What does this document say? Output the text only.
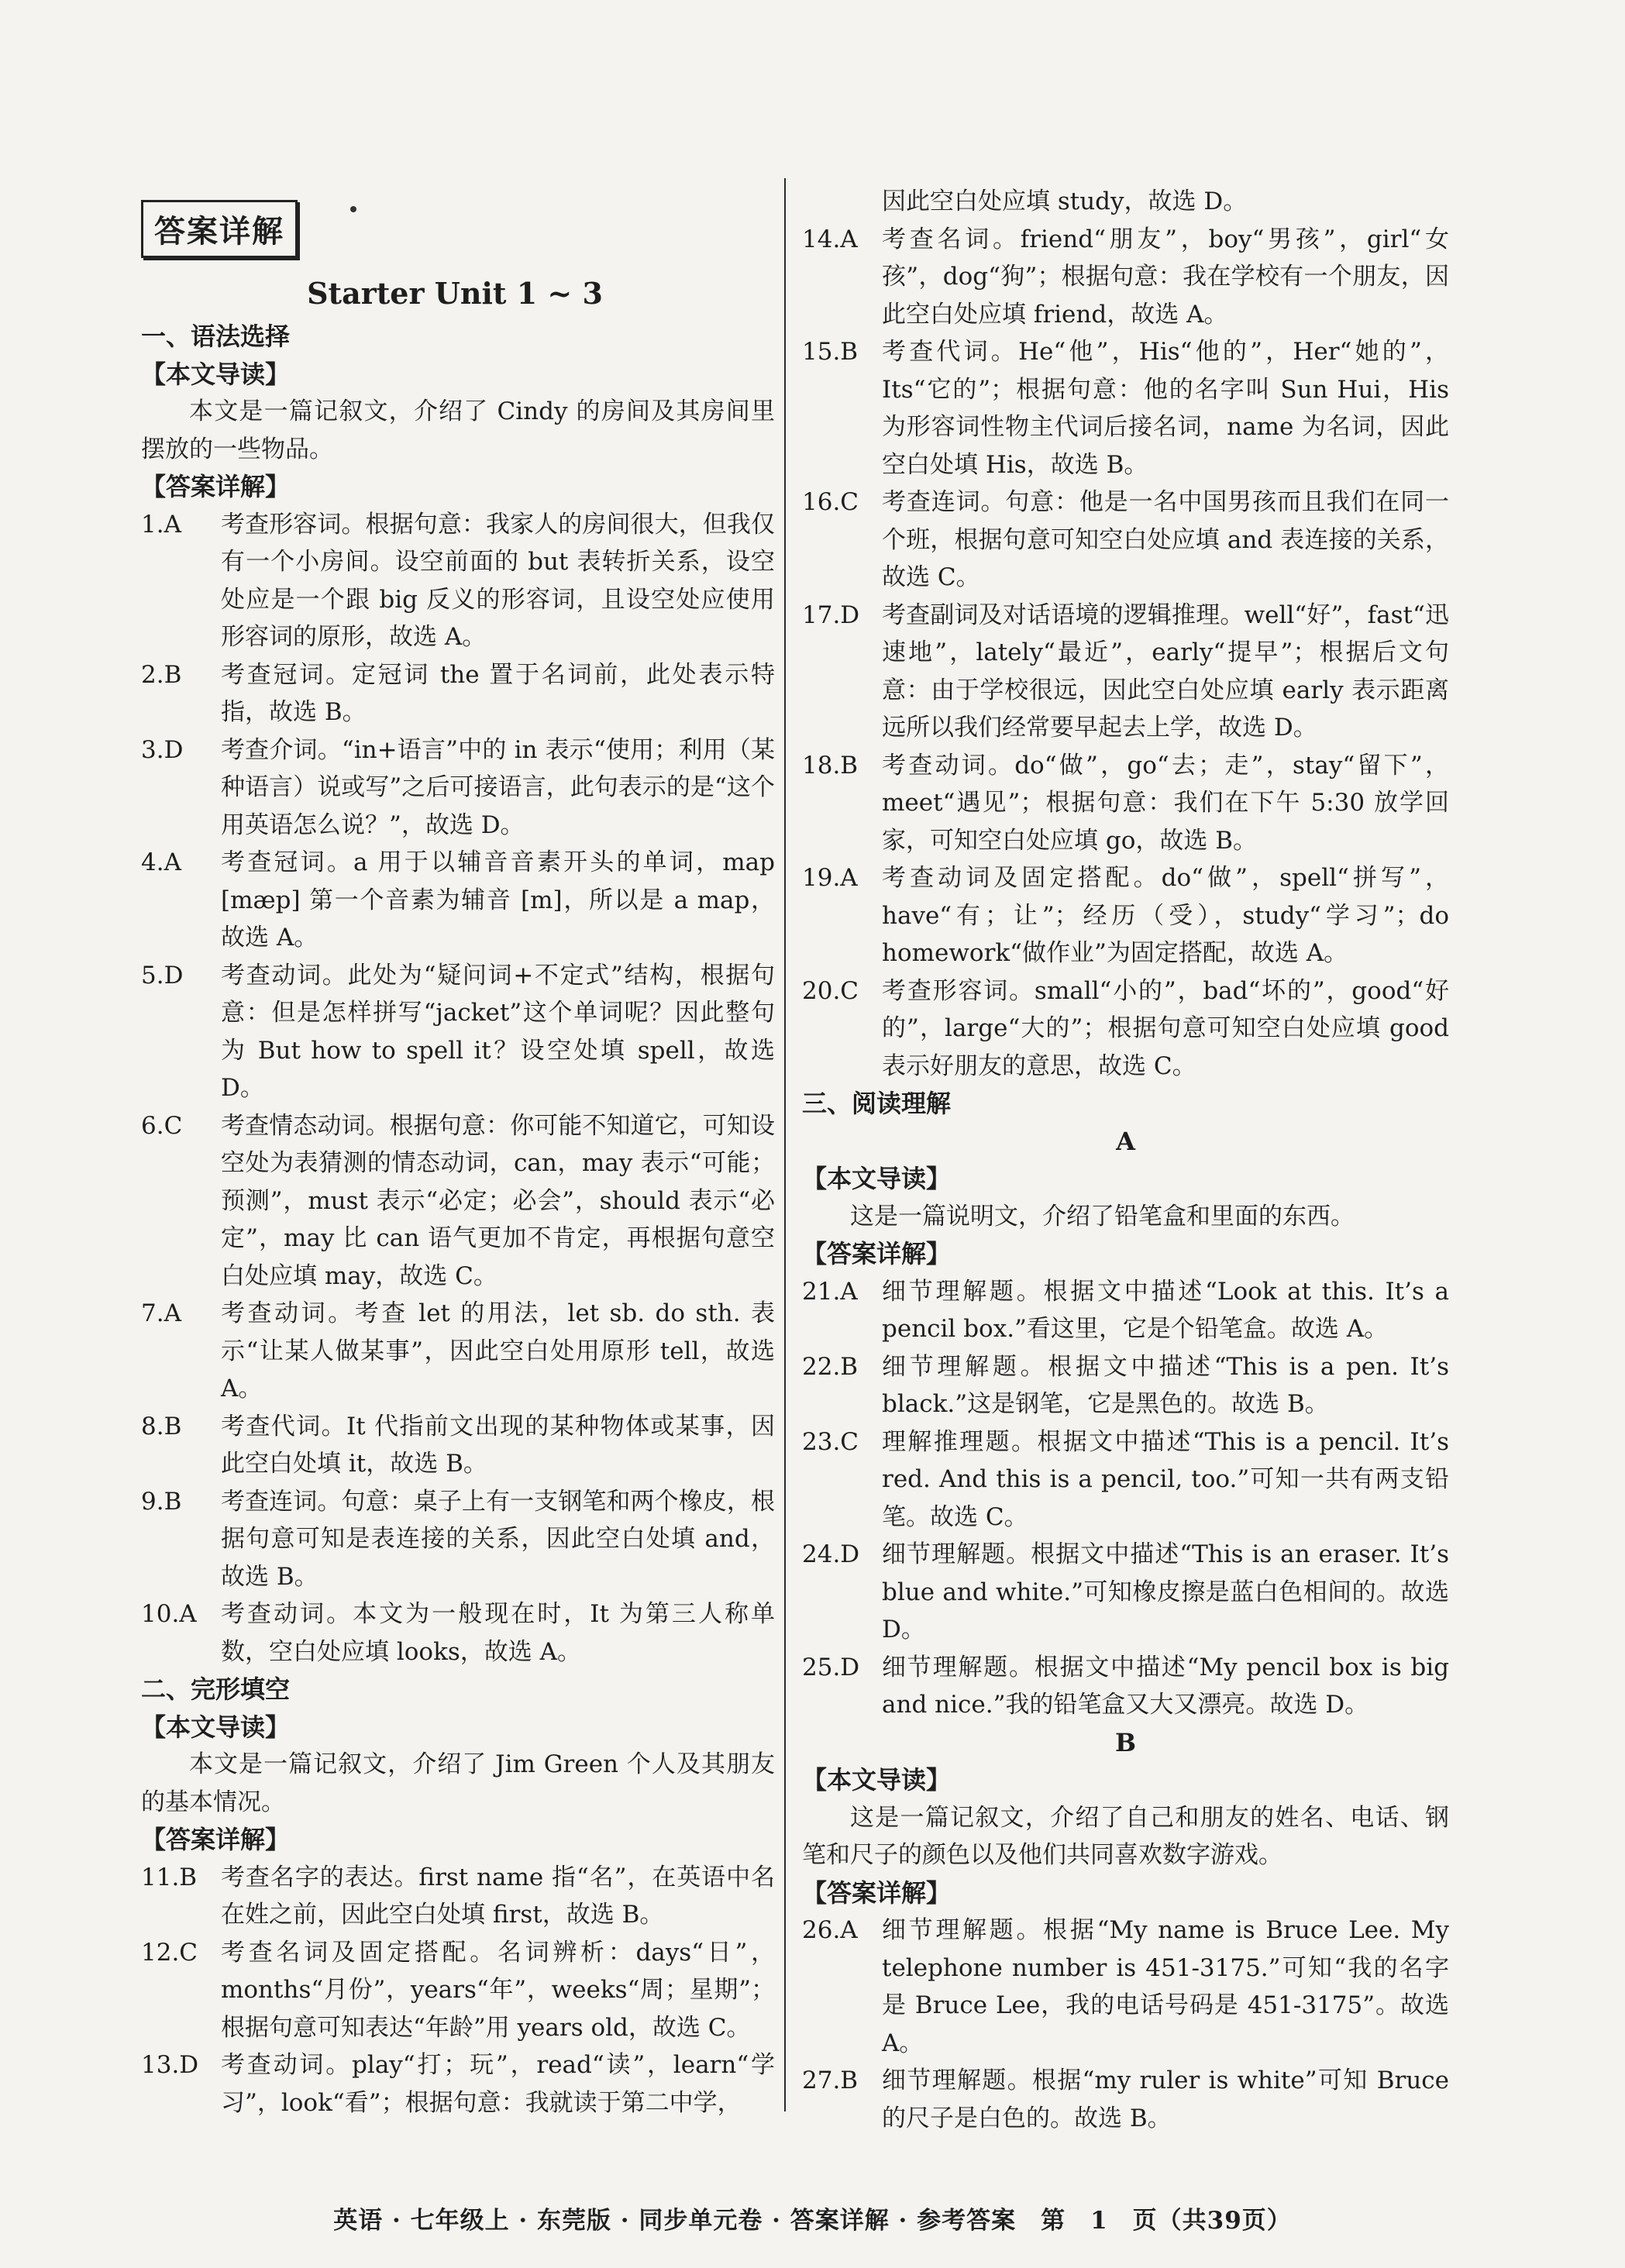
答案详解
Starter Unit 1 ~ 3
一、语法选择
【本文导读】
本文是一篇记叙文，介绍了 Cindy 的房间及其房间里摆放的一些物品。
【答案详解】
1.A	考查形容词。根据句意：我家人的房间很大，但我仅有一个小房间。设空前面的 but 表转折关系，设空处应是一个跟 big 反义的形容词，且设空处应使用形容词的原形，故选 A。
2.B	考查冠词。定冠词 the 置于名词前，此处表示特指，故选 B。
3.D	考查介词。“in+语言”中的 in 表示“使用；利用（某种语言）说或写”之后可接语言，此句表示的是“这个用英语怎么说？”，故选 D。
4.A	考查冠词。a 用于以辅音音素开头的单词，map [mæp] 第一个音素为辅音 [m]，所以是 a map，故选 A。
5.D	考查动词。此处为“疑问词+不定式”结构，根据句意：但是怎样拼写“jacket”这个单词呢？因此整句为 But how to spell it？设空处填 spell，故选 D。
6.C	考查情态动词。根据句意：你可能不知道它，可知设空处为表猜测的情态动词，can，may 表示“可能；预测”，must 表示“必定；必会”，should 表示“必定”，may 比 can 语气更加不肯定，再根据句意空白处应填 may，故选 C。
7.A	考查动词。考查 let 的用法，let sb. do sth. 表示“让某人做某事”，因此空白处用原形 tell，故选 A。
8.B	考查代词。It 代指前文出现的某种物体或某事，因此空白处填 it，故选 B。
9.B	考查连词。句意：桌子上有一支钢笔和两个橡皮，根据句意可知是表连接的关系，因此空白处填 and，故选 B。
10.A	考查动词。本文为一般现在时，It 为第三人称单数，空白处应填 looks，故选 A。
二、完形填空
【本文导读】
本文是一篇记叙文，介绍了 Jim Green 个人及其朋友的基本情况。
【答案详解】
11.B 考查名字的表达。first name 指“名”，在英语中名在姓之前，因此空白处填 first，故选 B。
12.C 考查名词及固定搭配。名词辨析：days“日”，months“月份”，years“年”，weeks“周；星期”；根据句意可知表达“年龄”用 years old，故选 C。
13.D 考查动词。play“打；玩”，read“读”，learn“学习”，look“看”；根据句意：我就读于第二中学，
因此空白处应填 study，故选 D。
14.A	考查名词。friend“朋友”，boy“男孩”，girl“女孩”，dog“狗”；根据句意：我在学校有一个朋友，因此空白处应填 friend，故选 A。
15.B 考查代词。He“他”，His“他的”，Her“她的”，Its“它的”；根据句意：他的名字叫 Sun Hui，His 为形容词性物主代词后接名词，name 为名词，因此空白处填 His，故选 B。
16.C 考查连词。句意：他是一名中国男孩而且我们在同一个班，根据句意可知空白处应填 and 表连接的关系，故选 C。
17.D 考查副词及对话语境的逻辑推理。well“好”，fast“迅速地”，lately“最近”，early“提早”；根据后文句意：由于学校很远，因此空白处应填 early 表示距离远所以我们经常要早起去上学，故选 D。
18.B 考查动词。do“做”，go“去；走”，stay“留下”，meet“遇见”；根据句意：我们在下午 5:30 放学回家，可知空白处应填 go，故选 B。
19.A	考查动词及固定搭配。do“做”，spell“拼写”，have“有；让”；经历（受），study“学习”；do homework“做作业”为固定搭配，故选 A。
20.C 考查形容词。small“小的”，bad“坏的”，good“好的”，large“大的”；根据句意可知空白处应填 good 表示好朋友的意思，故选 C。
三、阅读理解
A
【本文导读】
这是一篇说明文，介绍了铅笔盒和里面的东西。
【答案详解】
21.A	细节理解题。根据文中描述“Look at this. It’s a pencil box.”看这里，它是个铅笔盒。故选 A。
22.B 细节理解题。根据文中描述“This is a pen. It’s black.”这是钢笔，它是黑色的。故选 B。
23.C 理解推理题。根据文中描述“This is a pencil. It’s red. And this is a pencil, too.”可知一共有两支铅笔。故选 C。
24.D 细节理解题。根据文中描述“This is an eraser. It’s blue and white.”可知橡皮擦是蓝白色相间的。故选 D。
25.D 细节理解题。根据文中描述“My pencil box is big and nice.”我的铅笔盒又大又漂亮。故选 D。
B
【本文导读】
这是一篇记叙文，介绍了自己和朋友的姓名、电话、钢笔和尺子的颜色以及他们共同喜欢数字游戏。
【答案详解】
26.A	细节理解题。根据“My name is Bruce Lee. My telephone number is 451-3175.”可知“我的名字是 Bruce Lee，我的电话号码是 451-3175”。故选 A。
27.B 细节理解题。根据“my ruler is white”可知 Bruce 的尺子是白色的。故选 B。
英语 · 七年级上 · 东莞版 · 同步单元卷 · 答案详解 · 参考答案　第　1　页（共39页）
